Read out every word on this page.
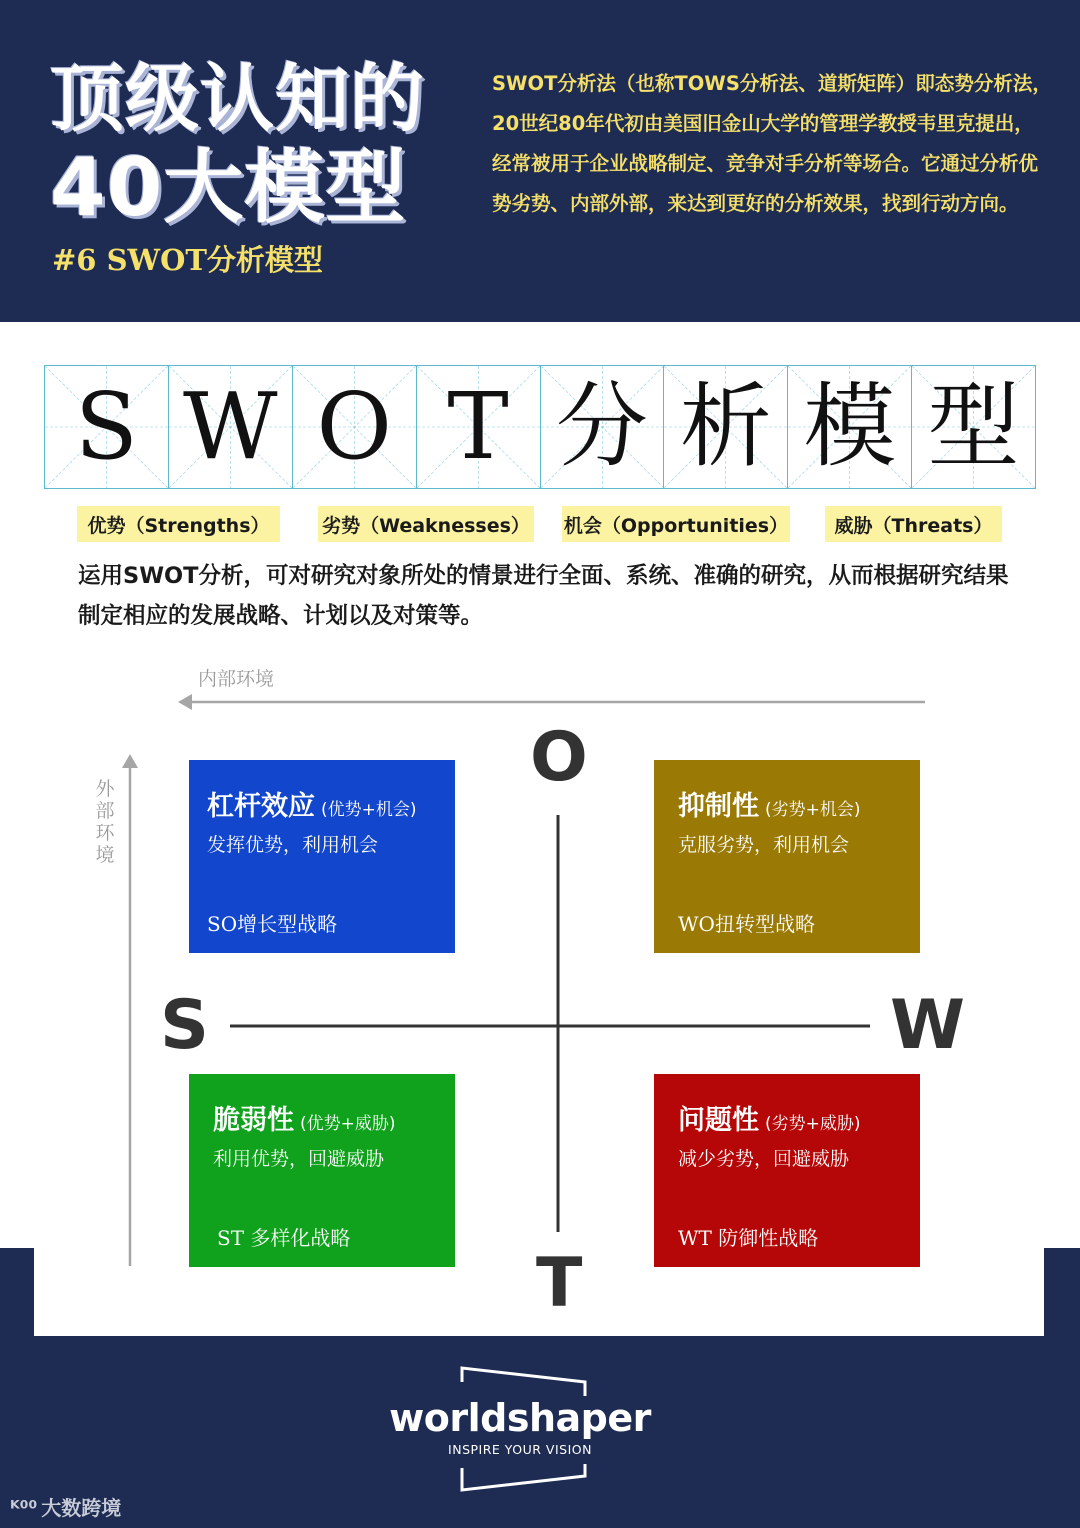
顶级认知的
40大模型
#6 SWOT分析模型
SWOT分析法（也称TOWS分析法、道斯矩阵）即态势分析法，20世纪80年代初由美国旧金山大学的管理学教授韦里克提出，经常被用于企业战略制定、竞争对手分析等场合。它通过分析优势劣势、内部外部，来达到更好的分析效果，找到行动方向。
S W O T 分 析 模 型
优势（Strengths）	劣势（Weaknesses） 机会（Opportunities）	威胁（Threats）
运用SWOT分析，可对研究对象所处的情景进行全面、系统、准确的研究，从而根据研究结果制定相应的发展战略、计划以及对策等。
内部环境
外部环境
O
S	W
T
杠杆效应 (优势+机会)
发挥优势，利用机会
SO增长型战略
抑制性 (劣势+机会)
克服劣势，利用机会
WO扭转型战略
脆弱性 (优势+威胁)
利用优势，回避威胁
ST 多样化战略
问题性 (劣势+威胁)
减少劣势，回避威胁
WT 防御性战略
worldshaper
INSPIRE YOUR VISION
ᴷ⁰⁰ 大数跨境
